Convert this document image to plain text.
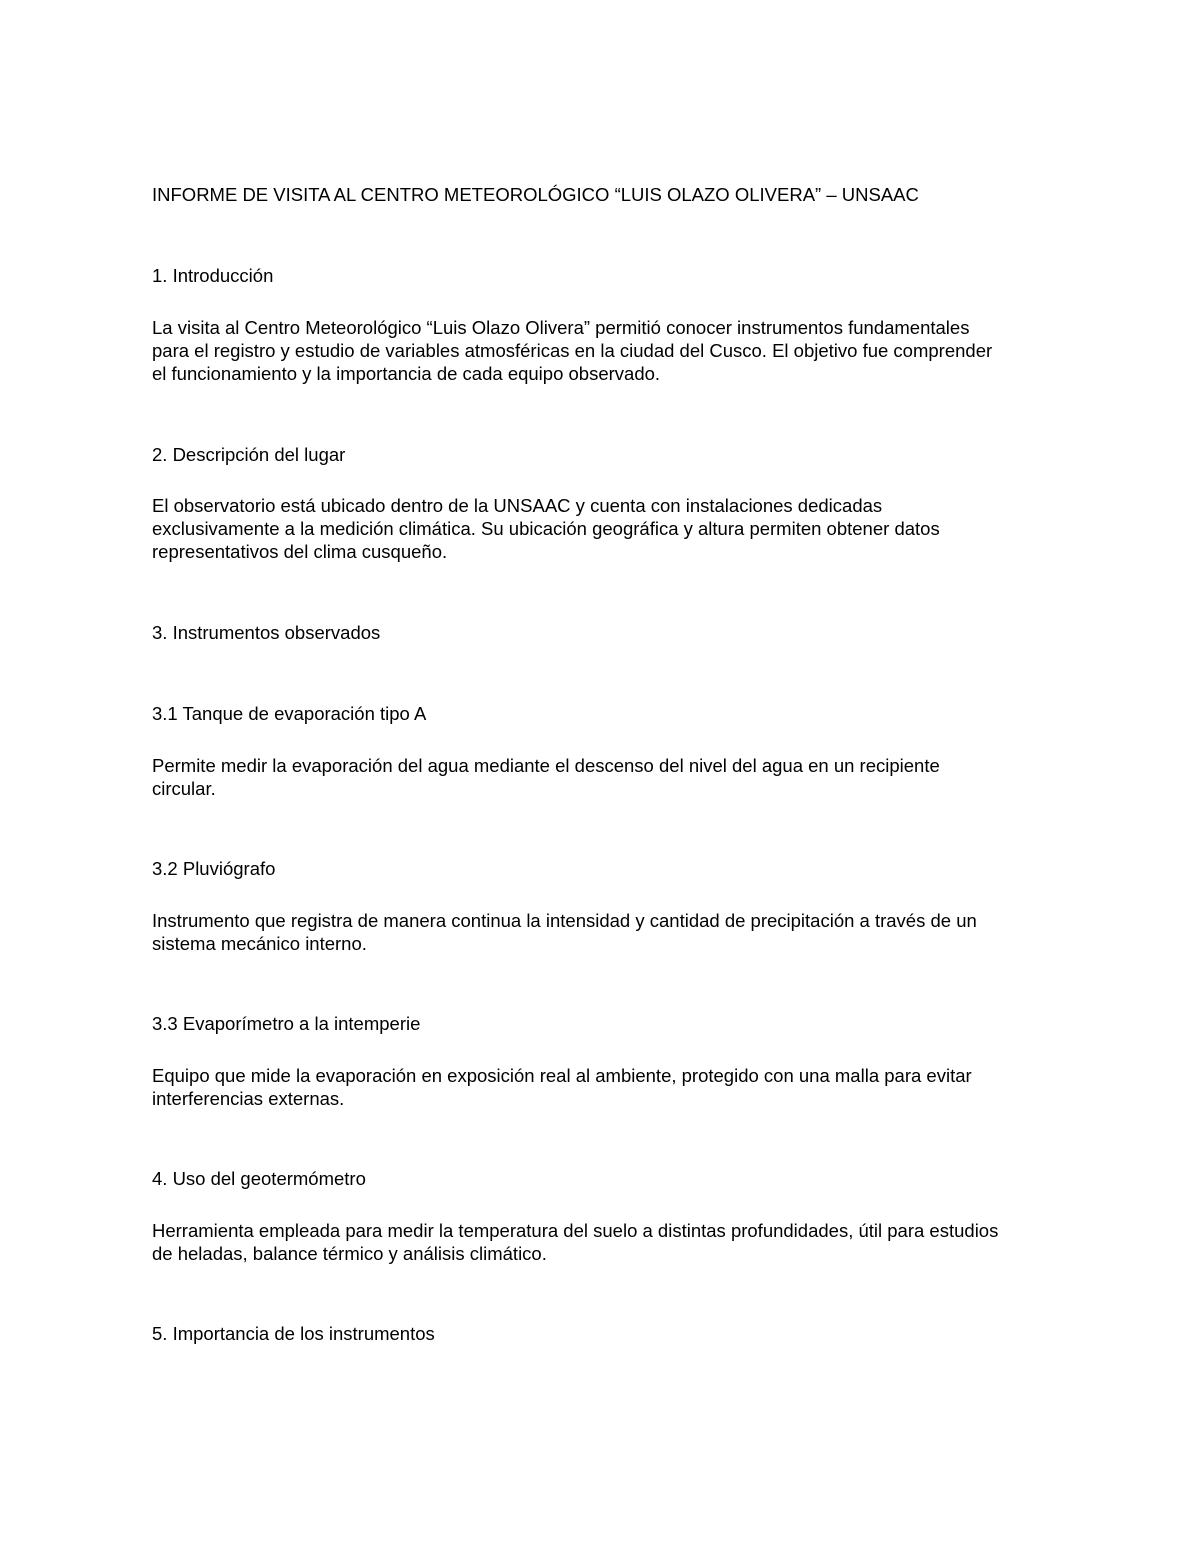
INFORME DE VISITA AL CENTRO METEOROLÓGICO “LUIS OLAZO OLIVERA” – UNSAAC

1. Introducción

La visita al Centro Meteorológico “Luis Olazo Olivera” permitió conocer instrumentos fundamentales
para el registro y estudio de variables atmosféricas en la ciudad del Cusco. El objetivo fue comprender
el funcionamiento y la importancia de cada equipo observado.

2. Descripción del lugar

El observatorio está ubicado dentro de la UNSAAC y cuenta con instalaciones dedicadas
exclusivamente a la medición climática. Su ubicación geográfica y altura permiten obtener datos
representativos del clima cusqueño.

3. Instrumentos observados

3.1 Tanque de evaporación tipo A

Permite medir la evaporación del agua mediante el descenso del nivel del agua en un recipiente
circular.

3.2 Pluviógrafo

Instrumento que registra de manera continua la intensidad y cantidad de precipitación a través de un
sistema mecánico interno.

3.3 Evaporímetro a la intemperie

Equipo que mide la evaporación en exposición real al ambiente, protegido con una malla para evitar
interferencias externas.

4. Uso del geotermómetro

Herramienta empleada para medir la temperatura del suelo a distintas profundidades, útil para estudios
de heladas, balance térmico y análisis climático.

5. Importancia de los instrumentos
